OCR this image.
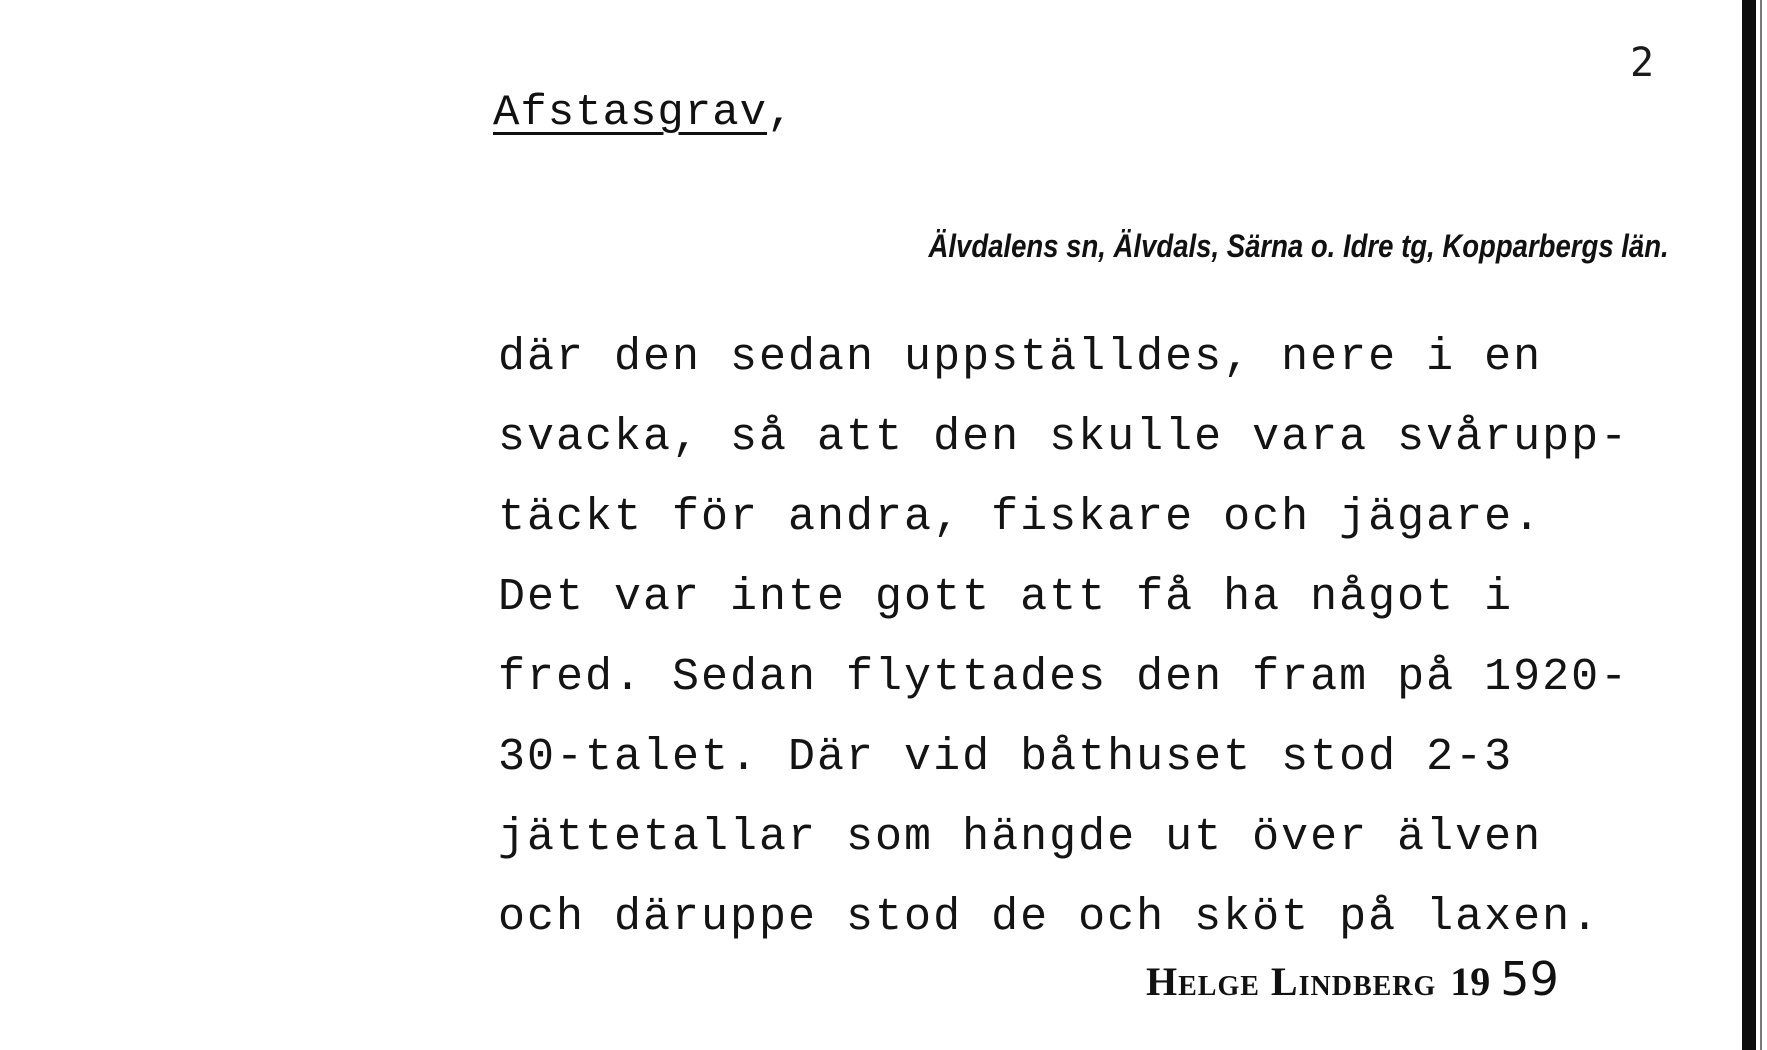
2
Afstasgrav,
Älvdalens sn, Älvdals, Särna o. Idre tg, Kopparbergs län.
där den sedan uppställdes, nere i en
svacka, så att den skulle vara svårupp-
täckt för andra, fiskare och jägare.
Det var inte gott att få ha något i
fred. Sedan flyttades den fram på 1920-
30-talet. Där vid båthuset stod 2-3
jättetallar som hängde ut över älven
och däruppe stod de och sköt på laxen.
Helge Lindberg 19 59
